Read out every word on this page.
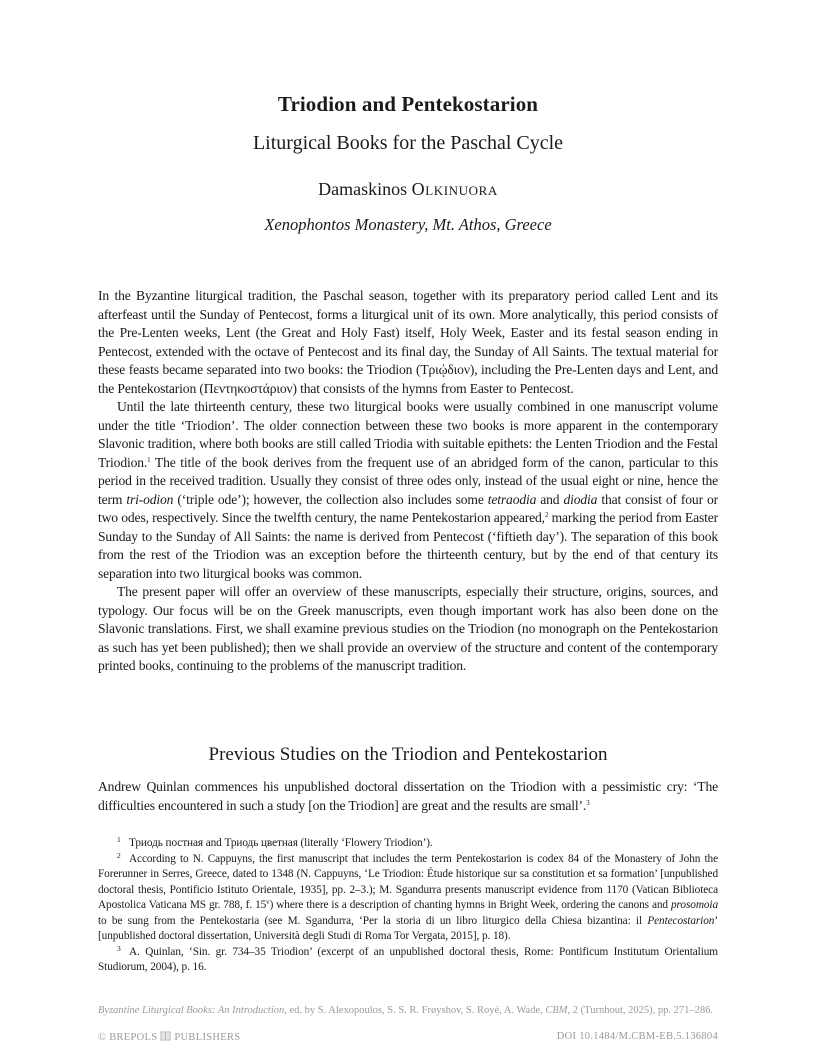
Triodion and Pentekostarion
Liturgical Books for the Paschal Cycle
Damaskinos Olkinuora
Xenophontos Monastery, Mt. Athos, Greece

In the Byzantine liturgical tradition, the Paschal season, together with its preparatory period called Lent and its afterfeast until the Sunday of Pentecost, forms a liturgical unit of its own. More analytically, this period consists of the Pre-Lenten weeks, Lent (the Great and Holy Fast) itself, Holy Week, Easter and its festal season ending in Pentecost, extended with the octave of Pentecost and its final day, the Sunday of All Saints. The textual material for these feasts became separated into two books: the Triodion (Τριῴδιον), including the Pre-Lenten days and Lent, and the Pentekostarion (Πεντηκοστάριον) that consists of the hymns from Easter to Pentecost.

Until the late thirteenth century, these two liturgical books were usually combined in one manuscript volume under the title ‘Triodion’. The older connection between these two books is more apparent in the contemporary Slavonic tradition, where both books are still called Triodia with suitable epithets: the Lenten Triodion and the Festal Triodion.$^1$ The title of the book derives from the frequent use of an abridged form of the canon, particular to this period in the received tradition. Usually they consist of three odes only, instead of the usual eight or nine, hence the term tri-odion (‘triple ode’); however, the collection also includes some tetraodia and diodia that consist of four or two odes, respectively. Since the twelfth century, the name Pentekostarion appeared,$^2$ marking the period from Easter Sunday to the Sunday of All Saints: the name is derived from Pentecost (‘fiftieth day’). The separation of this book from the rest of the Triodion was an exception before the thirteenth century, but by the end of that century its separation into two liturgical books was common.

The present paper will offer an overview of these manuscripts, especially their structure, origins, sources, and typology. Our focus will be on the Greek manuscripts, even though important work has also been done on the Slavonic translations. First, we shall examine previous studies on the Triodion (no monograph on the Pentekostarion as such has yet been published); then we shall provide an overview of the structure and content of the contemporary printed books, continuing to the problems of the manuscript tradition.

Previous Studies on the Triodion and Pentekostarion

Andrew Quinlan commences his unpublished doctoral dissertation on the Triodion with a pessimistic cry: ‘The difficulties encountered in such a study [on the Triodion] are great and the results are small’.$^3$

1 Триодь постная and Триодь цветная (literally ‘Flowery Triodion’).

2 According to N. Cappuyns, the first manuscript that includes the term Pentekostarion is codex 84 of the Monastery of John the Forerunner in Serres, Greece, dated to 1348 (N. Cappuyns, ‘Le Triodion: Étude historique sur sa constitution et sa formation’ [unpublished doctoral thesis, Pontificio Istituto Orientale, 1935], pp. 2–3.); M. Sgandurra presents manuscript evidence from 1170 (Vatican Biblioteca Apostolica Vaticana MS gr. 788, f. 15$^v$) where there is a description of chanting hymns in Bright Week, ordering the canons and prosomoia to be sung from the Pentekostaria (see M. Sgandurra, ‘Per la storia di un libro liturgico della Chiesa bizantina: il Pentecostarion’ [unpublished doctoral dissertation, Università degli Studi di Roma Tor Vergata, 2015], p. 18).

3 A. Quinlan, ‘Sin. gr. 734–35 Triodion’ (excerpt of an unpublished doctoral thesis, Rome: Pontificum Institutum Orientalium Studiorum, 2004), p. 16.

Byzantine Liturgical Books: An Introduction, ed. by S. Alexopoulos, S. S. R. Frøyshov, S. Royé, A. Wade, CBM, 2 (Turnhout, 2025), pp. 271–286.
© BREPOLS PUBLISHERS	DOI 10.1484/M.CBM-EB.5.136804
